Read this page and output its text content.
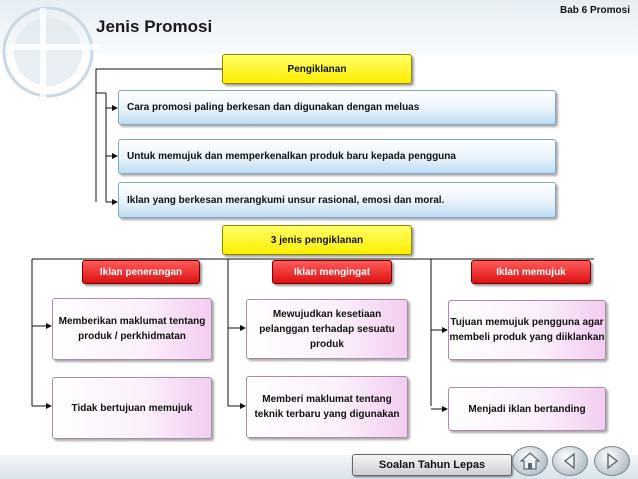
Bab 6 Promosi
Jenis Promosi
Pengiklanan
Cara promosi paling berkesan dan digunakan dengan meluas
Untuk memujuk dan memperkenalkan produk baru kepada pengguna
Iklan yang berkesan merangkumi unsur rasional, emosi dan moral.
3 jenis pengiklanan
Iklan penerangan	Iklan mengingat	Iklan memujuk
Memberikan maklumat tentang produk / perkhidmatan
Tidak bertujuan memujuk
Mewujudkan kesetiaan pelanggan terhadap sesuatu produk
Memberi maklumat tentang teknik terbaru yang digunakan
Tujuan memujuk pengguna agar membeli produk yang diiklankan
Menjadi iklan bertanding
Soalan Tahun Lepas
